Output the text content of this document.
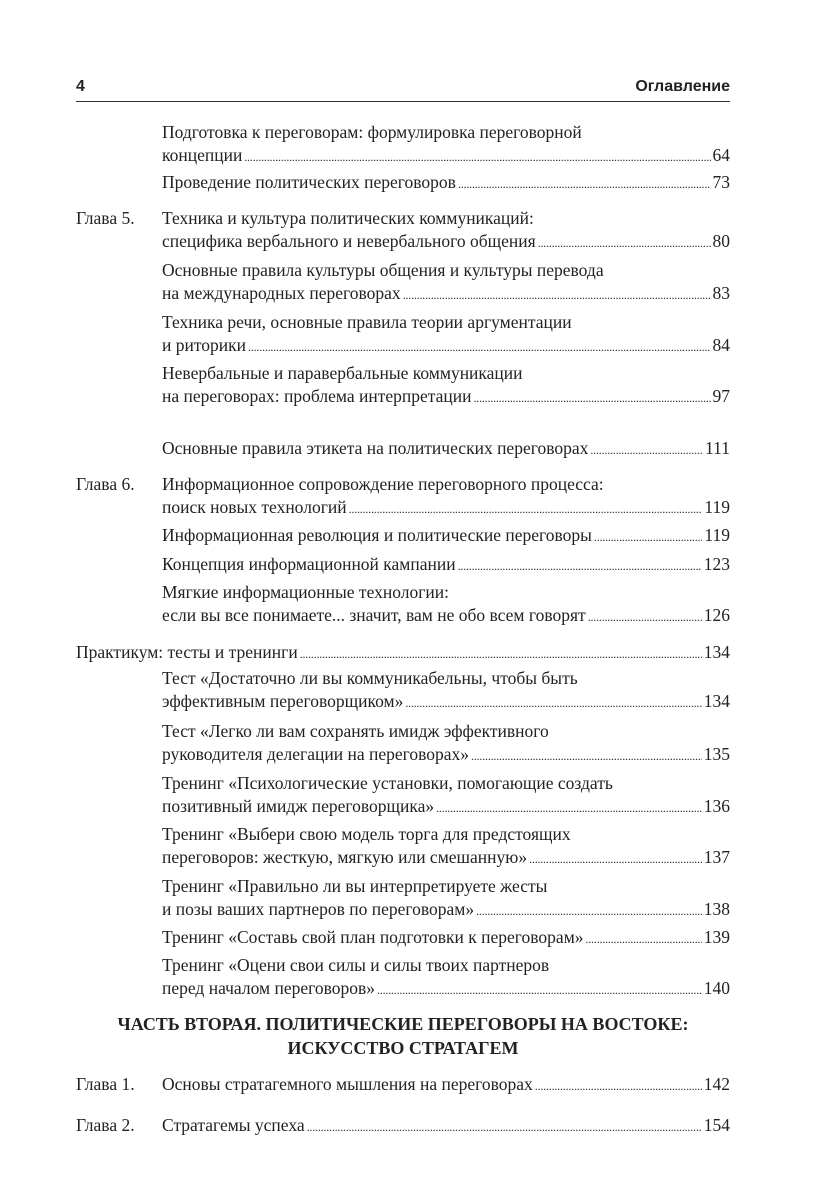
4	Оглавление
Подготовка к переговорам: формулировка переговорной
концепции . . .	64
Проведение политических переговоров . . .	73
Глава 5. Техника и культура политических коммуникаций:
специфика вербального и невербального общения . . .	80
Основные правила культуры общения и культуры перевода
на международных переговорах . . .	83
Техника речи, основные правила теории аргументации
и риторики . . .	84
Невербальные и паравербальные коммуникации
на переговорах: проблема интерпретации . . .	97
Основные правила этикета на политических переговорах . . .	111
Глава 6. Информационное сопровождение переговорного процесса:
поиск новых технологий . . .	119
Информационная революция и политические переговоры . . .	119
Концепция информационной кампании . . .	123
Мягкие информационные технологии:
если вы все понимаете... значит, вам не обо всем говорят . . .	126
Практикум: тесты и тренинги . . .	134
Тест «Достаточно ли вы коммуникабельны, чтобы быть
эффективным переговорщиком» . . .	134
Тест «Легко ли вам сохранять имидж эффективного
руководителя делегации на переговорах» . . .	135
Тренинг «Психологические установки, помогающие создать
позитивный имидж переговорщика» . . .	136
Тренинг «Выбери свою модель торга для предстоящих
переговоров: жесткую, мягкую или смешанную» . . .	137
Тренинг «Правильно ли вы интерпретируете жесты
и позы ваших партнеров по переговорам» . . .	138
Тренинг «Составь свой план подготовки к переговорам» . . .	139
Тренинг «Оцени свои силы и силы твоих партнеров
перед началом переговоров» . . .	140
Глава 1. Основы стратагемного мышления на переговорах . . .	142
Глава 2. Стратагемы успеха . . .	154
ЧАСТЬ ВТОРАЯ. ПОЛИТИЧЕСКИЕ ПЕРЕГОВОРЫ НА ВОСТОКЕ:
ИСКУССТВО СТРАТАГЕМ
